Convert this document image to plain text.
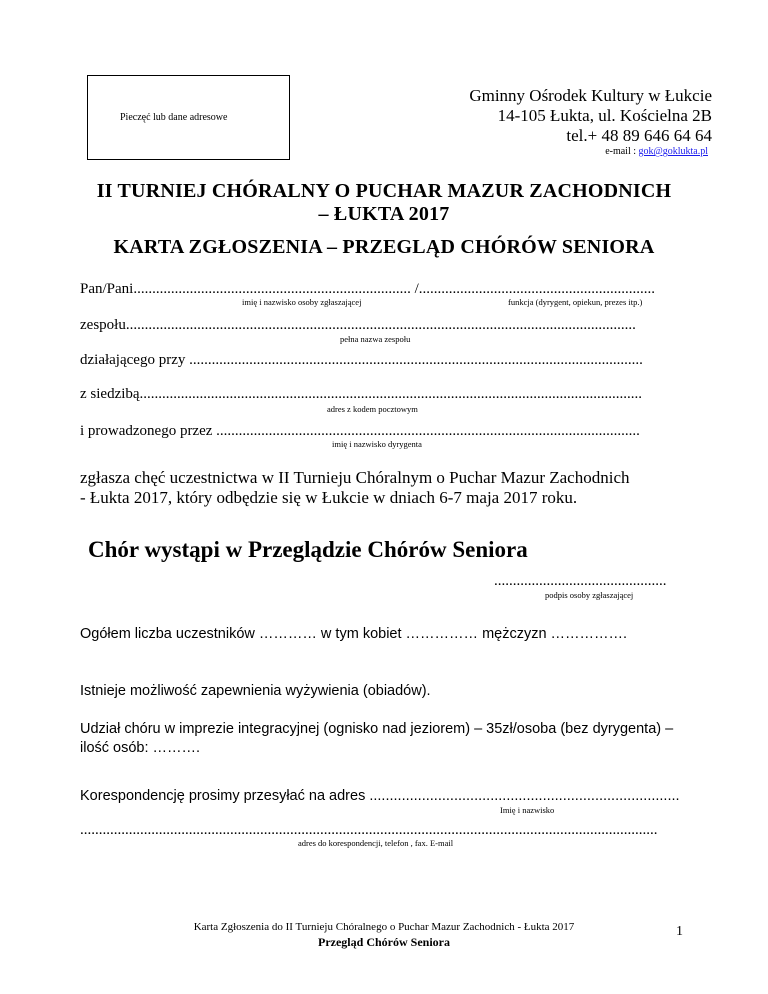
Pieczęć lub dane adresowe
Gminny Ośrodek Kultury w Łukcie
14-105 Łukta, ul. Kościelna 2B
tel.+ 48 89 646 64 64
e-mail : gok@goklukta.pl
II TURNIEJ CHÓRALNY O PUCHAR MAZUR ZACHODNICH
– ŁUKTA 2017
KARTA ZGŁOSZENIA – PRZEGLĄD CHÓRÓW SENIORA
Pan/Pani.......................................................................... /...............................................................
imię i nazwisko osoby zgłaszającej	funkcja (dyrygent, opiekun, prezes itp.)
zespołu........................................................................................................................................
pełna nazwa zespołu
działającego przy .........................................................................................................................
z siedzibą......................................................................................................................................
adres z kodem pocztowym
i prowadzonego przez .................................................................................................................
imię i nazwisko dyrygenta
zgłasza chęć uczestnictwa w II Turnieju Chóralnym o Puchar Mazur Zachodnich
- Łukta 2017, który odbędzie się w Łukcie w dniach 6-7 maja 2017 roku.
Chór wystąpi w Przeglądzie Chórów Seniora
..............................................
podpis osoby zgłaszającej
Ogółem liczba uczestników ………… w tym kobiet …………… mężczyzn …………….
Istnieje możliwość zapewnienia wyżywienia (obiadów).
Udział chóru w imprezie integracyjnej (ognisko nad jeziorem) – 35zł/osoba (bez dyrygenta) –
ilość osób: ……….
Korespondencję prosimy przesyłać na adres .............................................................................
Imię i nazwisko
..........................................................................................................................................................
adres do korespondencji, telefon , fax. E-mail
Karta Zgłoszenia do II Turnieju Chóralnego o Puchar Mazur Zachodnich - Łukta 2017
Przegląd Chórów Seniora
1
